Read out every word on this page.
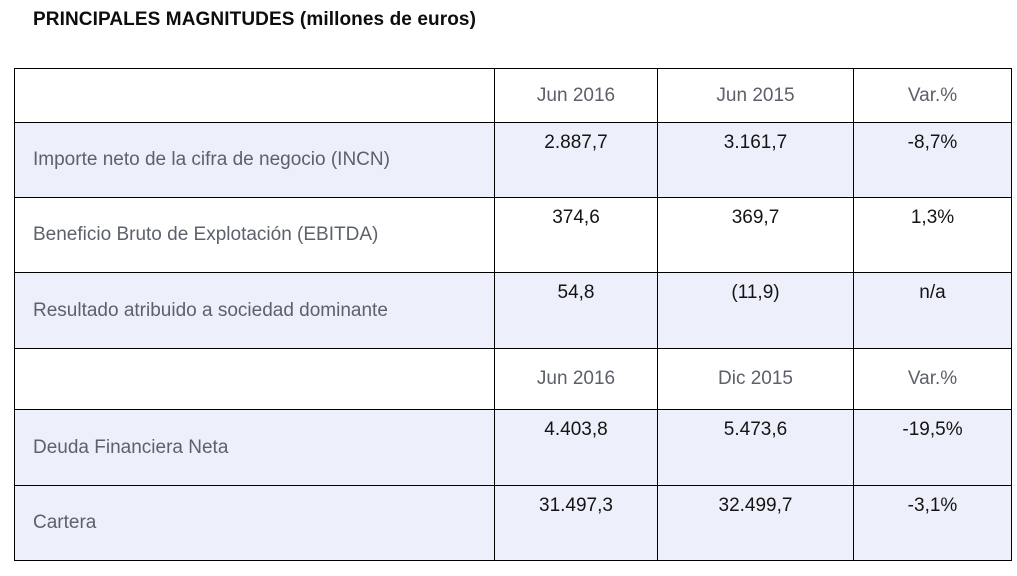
PRINCIPALES MAGNITUDES (millones de euros)
	Jun 2016	Jun 2015	Var.%
Importe neto de la cifra de negocio (INCN)	2.887,7	3.161,7	-8,7%
Beneficio Bruto de Explotación (EBITDA)	374,6	369,7	1,3%
Resultado atribuido a sociedad dominante	54,8	(11,9)	n/a
	Jun 2016	Dic 2015	Var.%
Deuda Financiera Neta	4.403,8	5.473,6	-19,5%
Cartera	31.497,3	32.499,7	-3,1%
